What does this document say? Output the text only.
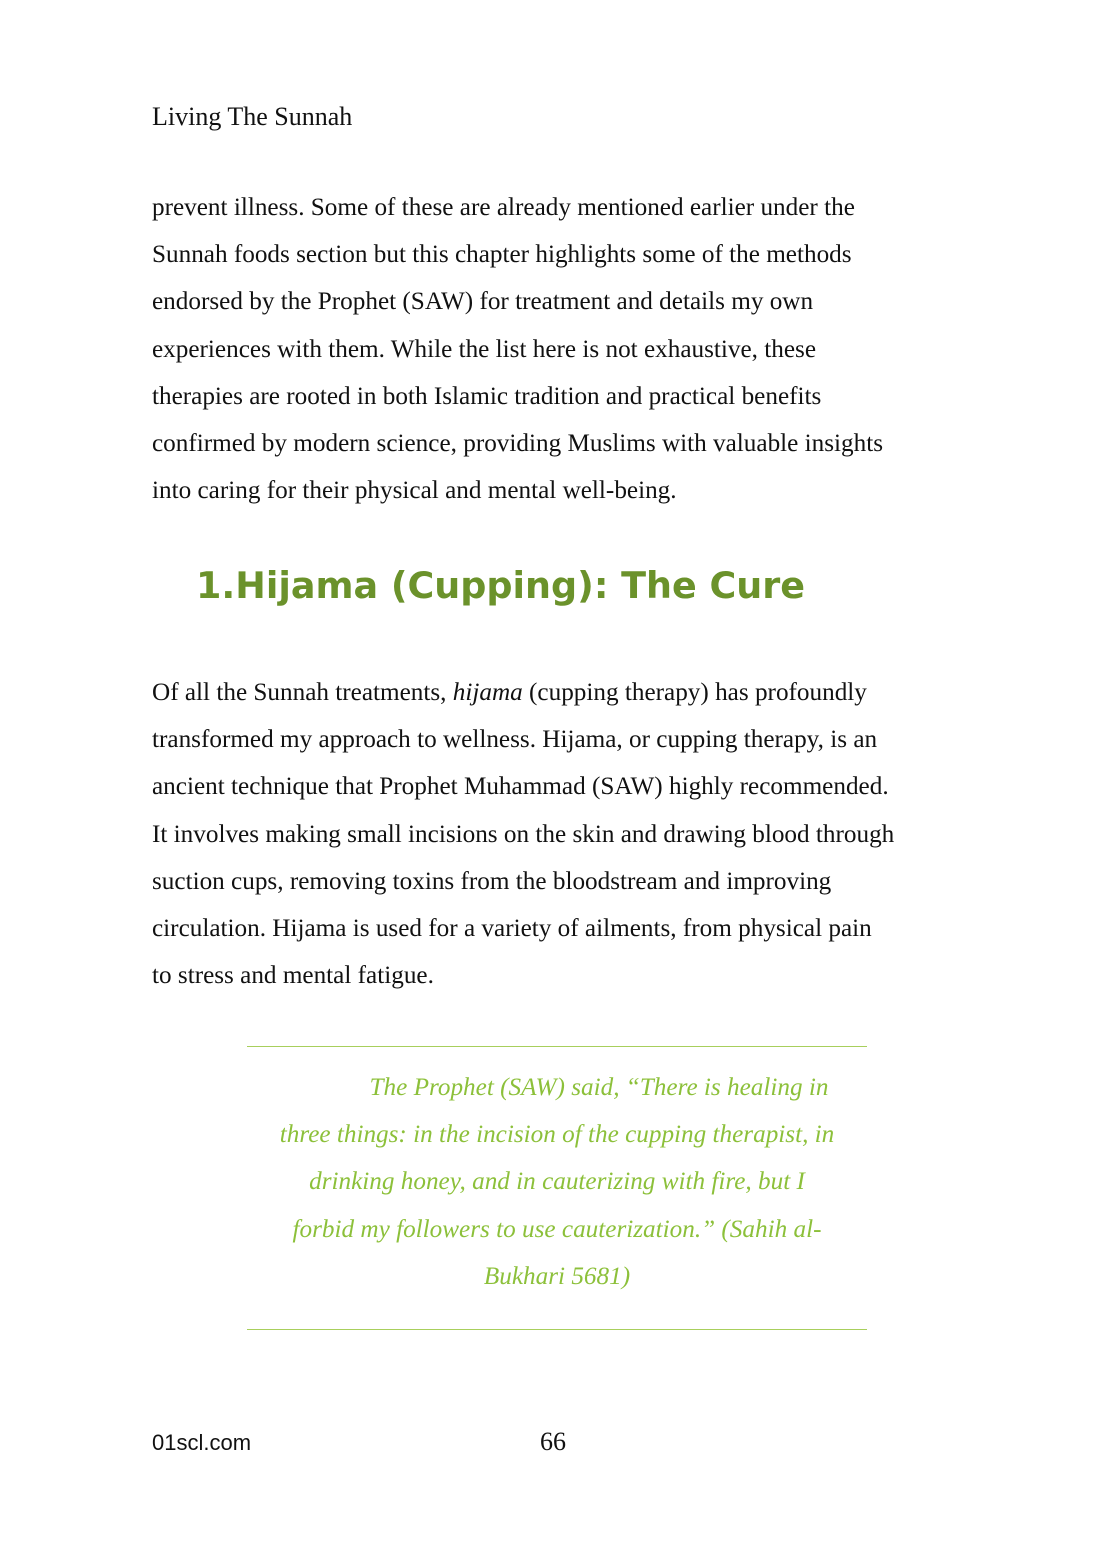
Living The Sunnah

prevent illness. Some of these are already mentioned earlier under the
Sunnah foods section but this chapter highlights some of the methods
endorsed by the Prophet (SAW) for treatment and details my own
experiences with them. While the list here is not exhaustive, these
therapies are rooted in both Islamic tradition and practical benefits
confirmed by modern science, providing Muslims with valuable insights
into caring for their physical and mental well-being.

1.Hijama (Cupping): The Cure

Of all the Sunnah treatments, hijama (cupping therapy) has profoundly
transformed my approach to wellness. Hijama, or cupping therapy, is an
ancient technique that Prophet Muhammad (SAW) highly recommended.
It involves making small incisions on the skin and drawing blood through
suction cups, removing toxins from the bloodstream and improving
circulation. Hijama is used for a variety of ailments, from physical pain
to stress and mental fatigue.

The Prophet (SAW) said, “There is healing in
three things: in the incision of the cupping therapist, in
drinking honey, and in cauterizing with fire, but I
forbid my followers to use cauterization.” (Sahih al-
Bukhari 5681)

01scl.com	66
